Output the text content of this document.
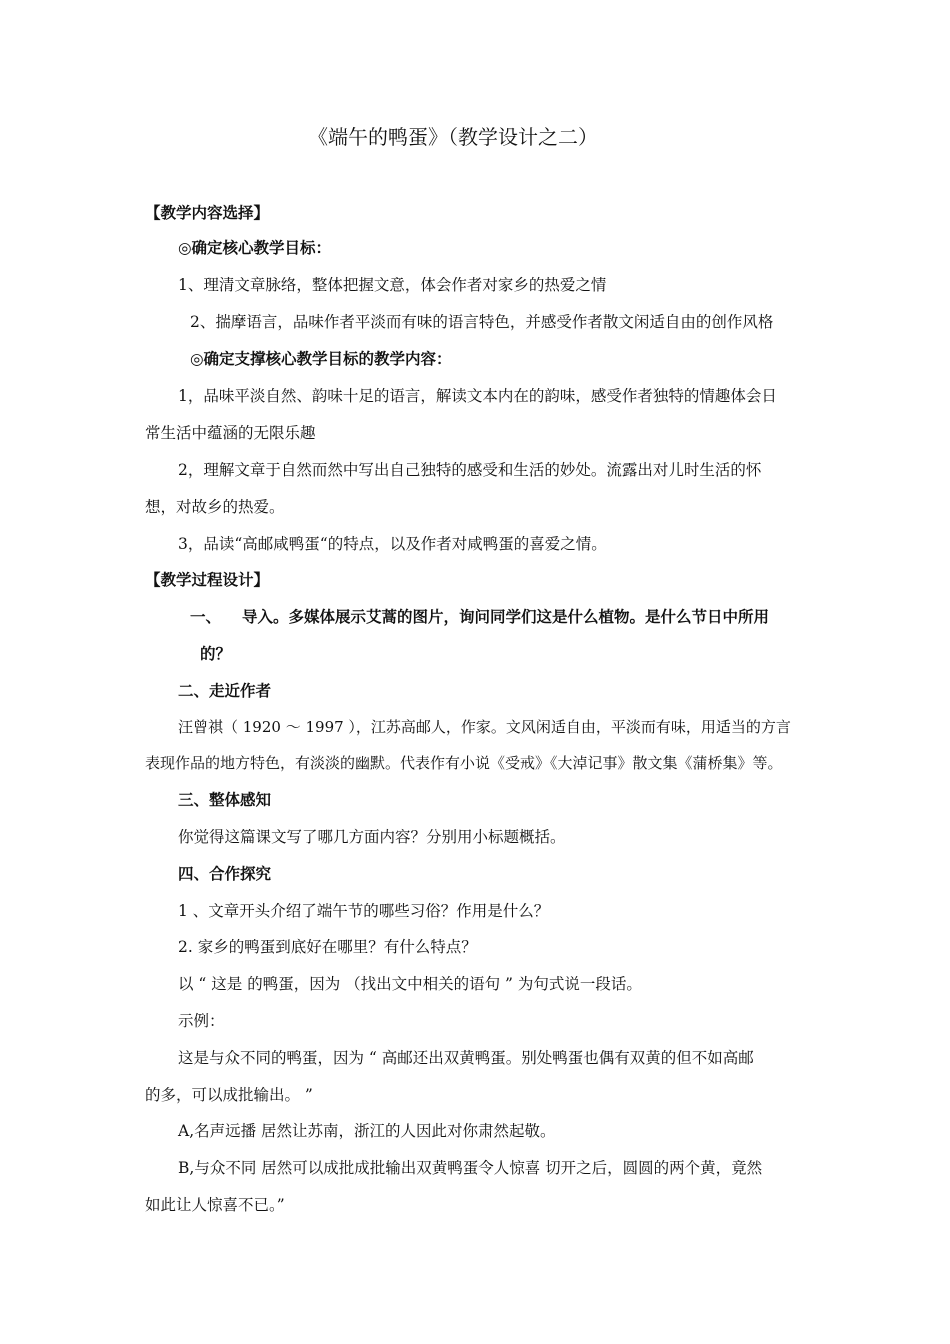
《端午的鸭蛋》（教学设计之二）
【教学内容选择】
◎确定核心教学目标：
1、理清文章脉络，整体把握文意，体会作者对家乡的热爱之情
2、揣摩语言，品味作者平淡而有味的语言特色，并感受作者散文闲适自由的创作风格
◎确定支撑核心教学目标的教学内容：
1，品味平淡自然、韵味十足的语言，解读文本内在的韵味，感受作者独特的情趣体会日
常生活中蕴涵的无限乐趣
2，理解文章于自然而然中写出自己独特的感受和生活的妙处。流露出对儿时生活的怀
想，对故乡的热爱。
3，品读“高邮咸鸭蛋“的特点，以及作者对咸鸭蛋的喜爱之情。
【教学过程设计】
一、 导入。多媒体展示艾蒿的图片，询问同学们这是什么植物。是什么节日中所用
的？
二、走近作者
汪曾祺（ 1920 ～ 1997 ），江苏高邮人，作家。文风闲适自由，平淡而有味，用适当的方言
表现作品的地方特色，有淡淡的幽默。代表作有小说《受戒》《大淖记事》散文集《蒲桥集》等。
三、整体感知
你觉得这篇课文写了哪几方面内容？分别用小标题概括。
四、合作探究
1 、文章开头介绍了端午节的哪些习俗？作用是什么？
2. 家乡的鸭蛋到底好在哪里？有什么特点？
以 “ 这是 的鸭蛋，因为 （找出文中相关的语句 ” 为句式说一段话。
示例：
这是与众不同的鸭蛋，因为 “ 高邮还出双黄鸭蛋。别处鸭蛋也偶有双黄的但不如高邮
的多，可以成批输出。 ”
A,名声远播 居然让苏南，浙江的人因此对你肃然起敬。
B,与众不同 居然可以成批成批输出双黄鸭蛋令人惊喜 切开之后，圆圆的两个黄，竟然
如此让人惊喜不已。”
